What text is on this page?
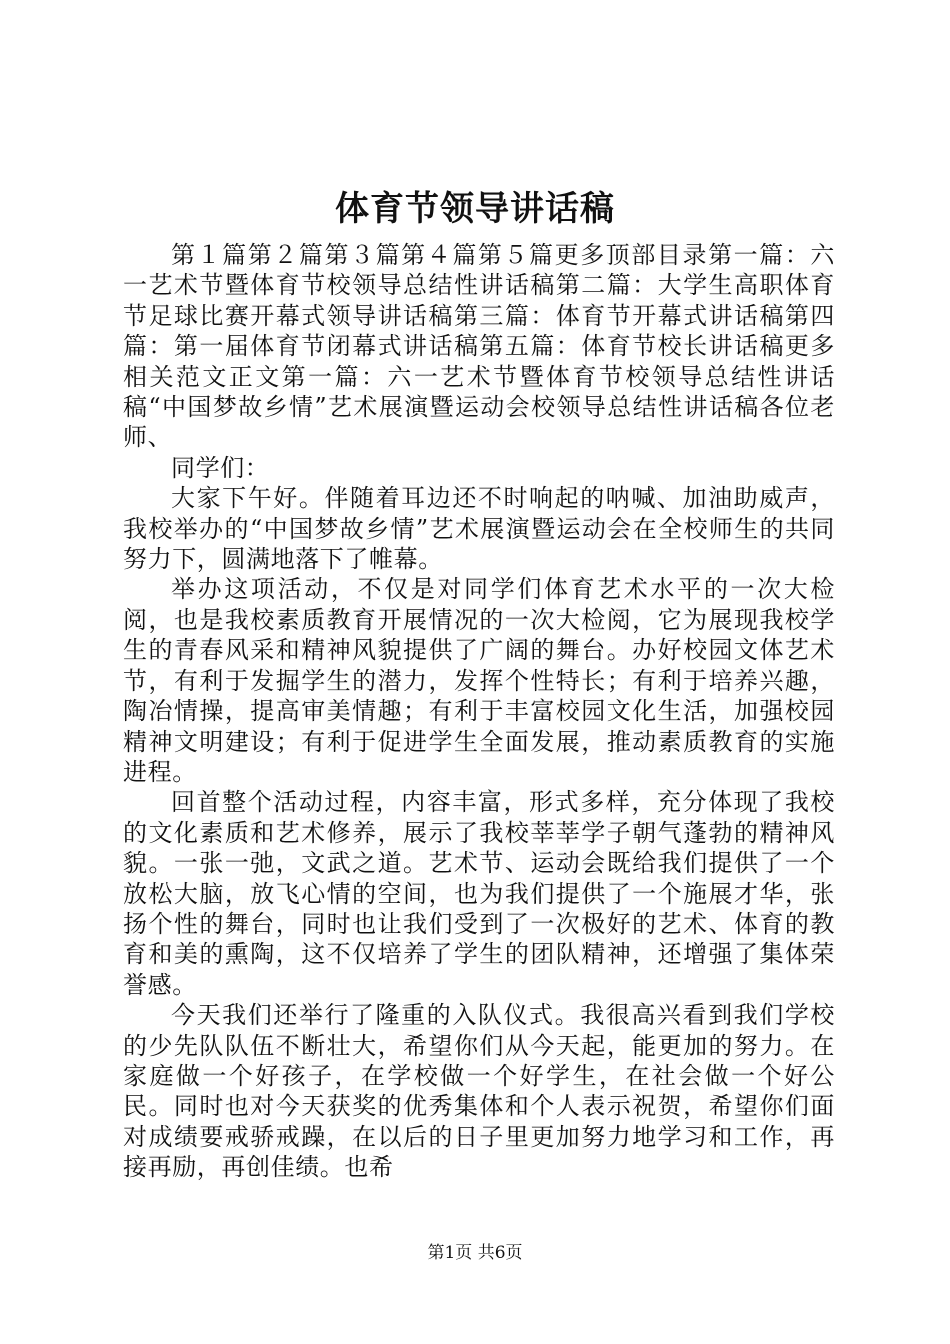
体育节领导讲话稿

第１篇第２篇第３篇第４篇第５篇更多顶部目录第一篇：六一艺术节暨体育节校领导总结性讲话稿第二篇：大学生高职体育节足球比赛开幕式领导讲话稿第三篇：体育节开幕式讲话稿第四篇：第一届体育节闭幕式讲话稿第五篇：体育节校长讲话稿更多相关范文正文第一篇：六一艺术节暨体育节校领导总结性讲话稿“中国梦故乡情”艺术展演暨运动会校领导总结性讲话稿各位老师、

同学们：

大家下午好。伴随着耳边还不时响起的呐喊、加油助威声，我校举办的“中国梦故乡情”艺术展演暨运动会在全校师生的共同努力下，圆满地落下了帷幕。

举办这项活动，不仅是对同学们体育艺术水平的一次大检阅，也是我校素质教育开展情况的一次大检阅，它为展现我校学生的青春风采和精神风貌提供了广阔的舞台。办好校园文体艺术节，有利于发掘学生的潜力，发挥个性特长；有利于培养兴趣，陶冶情操，提高审美情趣；有利于丰富校园文化生活，加强校园精神文明建设；有利于促进学生全面发展，推动素质教育的实施进程。

回首整个活动过程，内容丰富，形式多样，充分体现了我校的文化素质和艺术修养，展示了我校莘莘学子朝气蓬勃的精神风貌。一张一弛，文武之道。艺术节、运动会既给我们提供了一个放松大脑，放飞心情的空间，也为我们提供了一个施展才华，张扬个性的舞台，同时也让我们受到了一次极好的艺术、体育的教育和美的熏陶，这不仅培养了学生的团队精神，还增强了集体荣誉感。

今天我们还举行了隆重的入队仪式。我很高兴看到我们学校的少先队队伍不断壮大，希望你们从今天起，能更加的努力。在家庭做一个好孩子，在学校做一个好学生，在社会做一个好公民。同时也对今天获奖的优秀集体和个人表示祝贺，希望你们面对成绩要戒骄戒躁，在以后的日子里更加努力地学习和工作，再接再励，再创佳绩。也希

第1页 共6页
